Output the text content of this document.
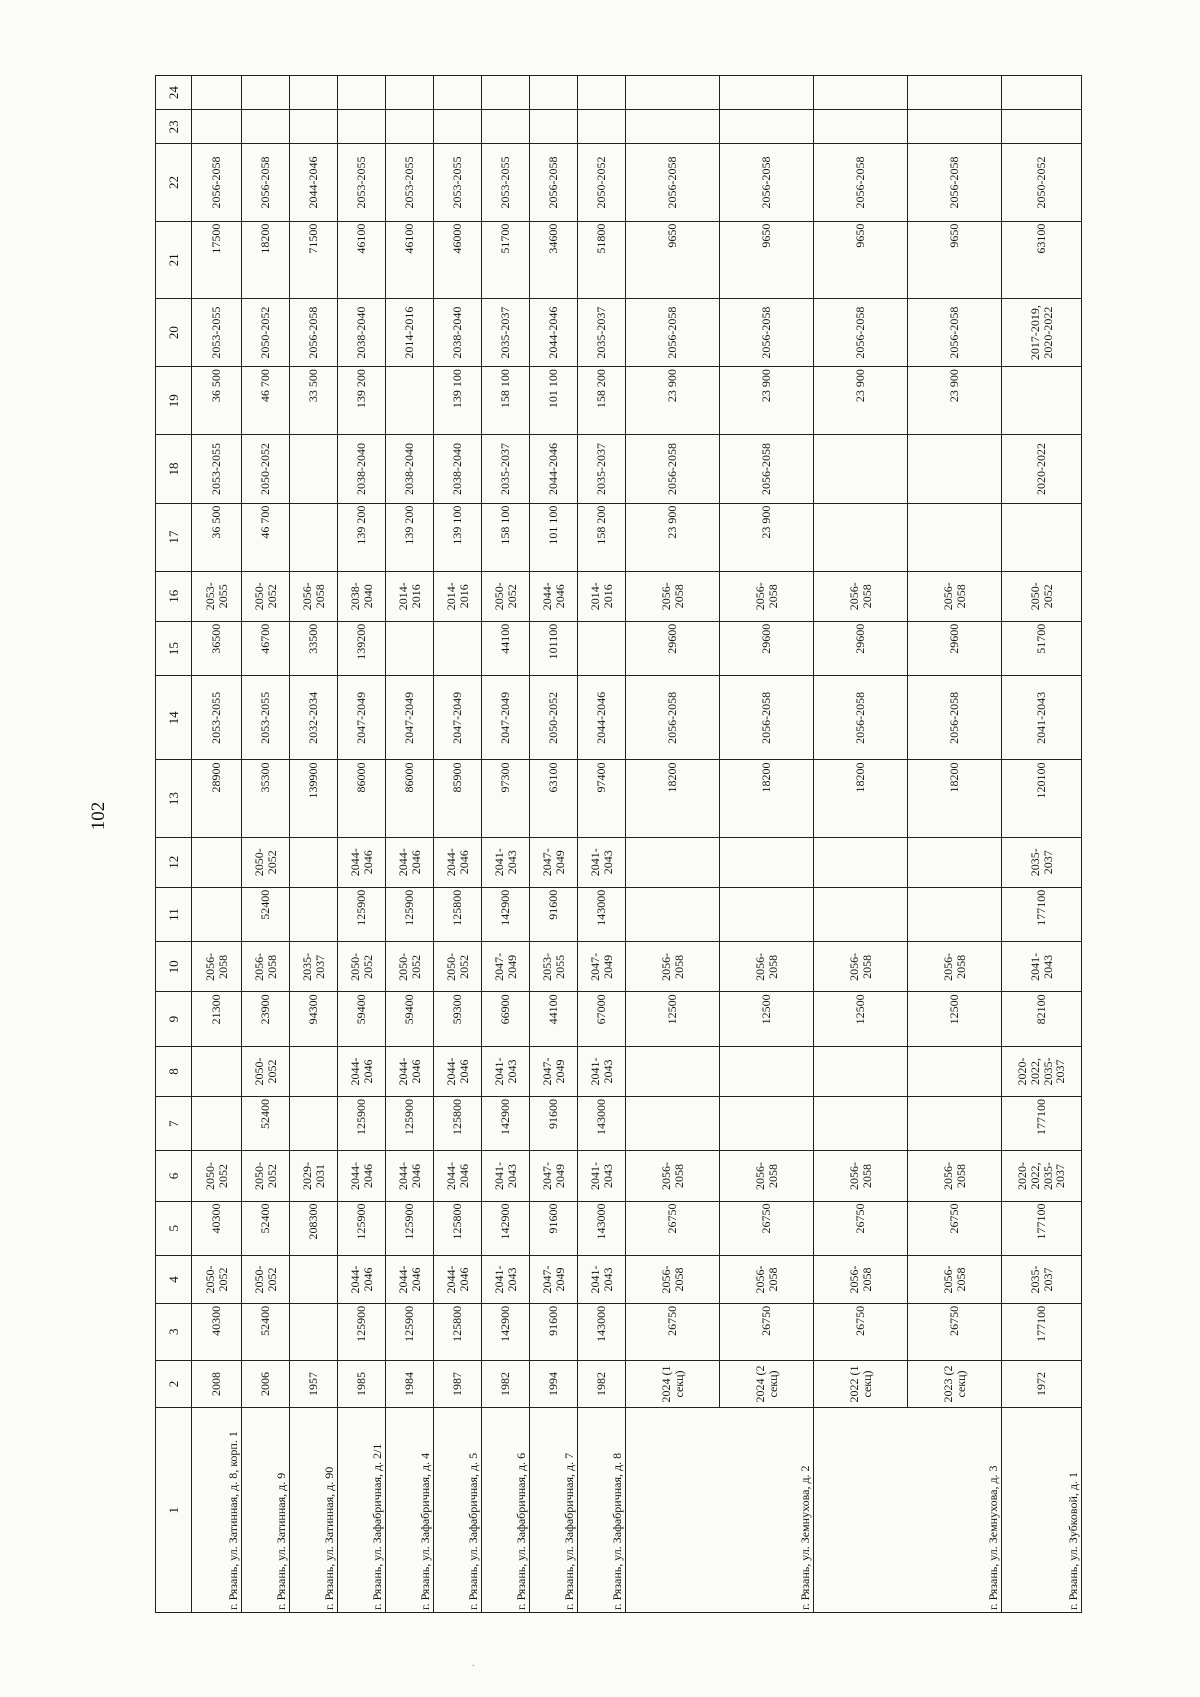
102
1	2	3	4	5	6	7	8	9	10	11	12	13	14	15	16	17	18	19	20	21	22	23	24
г. Рязань, ул. Затинная, д. 8, корп. 1	2008	40300	2050-2052	40300	2050-2052			21300	2056-2058			28900	2053-2055	36500	2053-2055	36 500	2053-2055	36 500	2053-2055	17500	2056-2058		
г. Рязань, ул. Затинная, д. 9	2006	52400	2050-2052	52400	2050-2052	52400	2050-2052	23900	2056-2058	52400	2050-2052	35300	2053-2055	46700	2050-2052	46 700	2050-2052	46 700	2050-2052	18200	2056-2058		
г. Рязань, ул. Затинная, д. 90	1957			208300	2029-2031			94300	2035-2037			139900	2032-2034	33500	2056-2058			33 500	2056-2058	71500	2044-2046		
г. Рязань, ул. Зафабричная, д. 2/1	1985	125900	2044-2046	125900	2044-2046	125900	2044-2046	59400	2050-2052	125900	2044-2046	86000	2047-2049	139200	2038-2040	139 200	2038-2040	139 200	2038-2040	46100	2053-2055		
г. Рязань, ул. Зафабричная, д. 4	1984	125900	2044-2046	125900	2044-2046	125900	2044-2046	59400	2050-2052	125900	2044-2046	86000	2047-2049		2014-2016	139 200	2038-2040		2014-2016	46100	2053-2055		
г. Рязань, ул. Зафабричная, д. 5	1987	125800	2044-2046	125800	2044-2046	125800	2044-2046	59300	2050-2052	125800	2044-2046	85900	2047-2049		2014-2016	139 100	2038-2040	139 100	2038-2040	46000	2053-2055		
г. Рязань, ул. Зафабричная, д. 6	1982	142900	2041-2043	142900	2041-2043	142900	2041-2043	66900	2047-2049	142900	2041-2043	97300	2047-2049	44100	2050-2052	158 100	2035-2037	158 100	2035-2037	51700	2053-2055		
г. Рязань, ул. Зафабричная, д. 7	1994	91600	2047-2049	91600	2047-2049	91600	2047-2049	44100	2053-2055	91600	2047-2049	63100	2050-2052	101100	2044-2046	101 100	2044-2046	101 100	2044-2046	34600	2056-2058		
г. Рязань, ул. Зафабричная, д. 8	1982	143000	2041-2043	143000	2041-2043	143000	2041-2043	67000	2047-2049	143000	2041-2043	97400	2044-2046		2014-2016	158 200	2035-2037	158 200	2035-2037	51800	2050-2052		
г. Рязань, ул. Земнухова, д. 2	2024 (1 секц)	26750	2056-2058	26750	2056-2058			12500	2056-2058			18200	2056-2058	29600	2056-2058	23 900	2056-2058	23 900	2056-2058	9650	2056-2058		
	2024 (2 секц)	26750	2056-2058	26750	2056-2058			12500	2056-2058			18200	2056-2058	29600	2056-2058	23 900	2056-2058	23 900	2056-2058	9650	2056-2058		
г. Рязань, ул. Земнухова, д. 3	2022 (1 секц)	26750	2056-2058	26750	2056-2058			12500	2056-2058			18200	2056-2058	29600	2056-2058			23 900	2056-2058	9650	2056-2058		
	2023 (2 секц)	26750	2056-2058	26750	2056-2058			12500	2056-2058			18200	2056-2058	29600	2056-2058			23 900	2056-2058	9650	2056-2058		
г. Рязань, ул. Зубковой, д. 1	1972	177100	2035-2037	177100	2020-2022, 2035-2037	177100	2020-2022, 2035-2037	82100	2041-2043	177100	2035-2037	120100	2041-2043	51700	2050-2052		2020-2022		2017-2019, 2020-2022	63100	2050-2052		
.
